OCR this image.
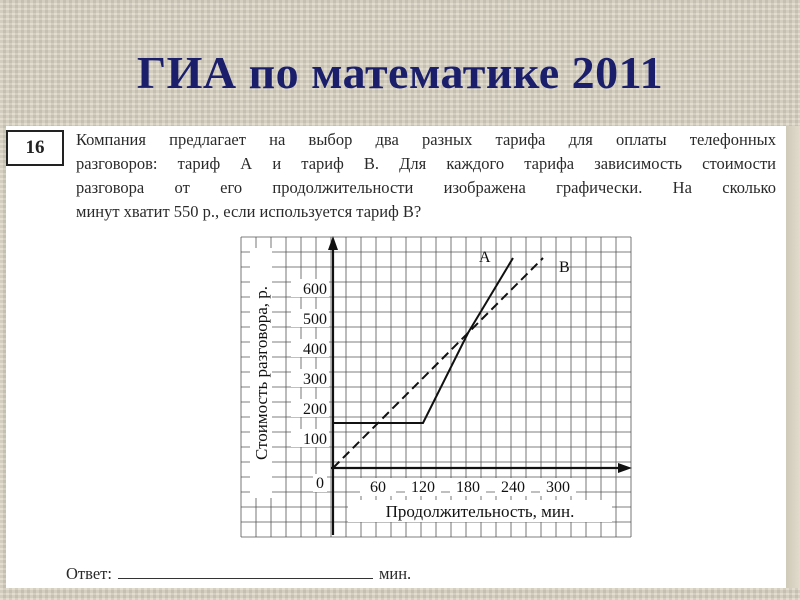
ГИА по математике 2011
16	Компания предлагает на выбор два разных тарифа для оплаты телефонных
разговоров: тариф А и тариф В. Для каждого тарифа зависимость стоимости
разговора от его продолжительности изображена графически. На сколько
минут хватит 550 р., если используется тариф В?
А
В
100
200
300
400
500
600
60 120 180 240 300
0
Продолжительность, мин.
Стоимость разговора, р.
Ответ:	мин.
